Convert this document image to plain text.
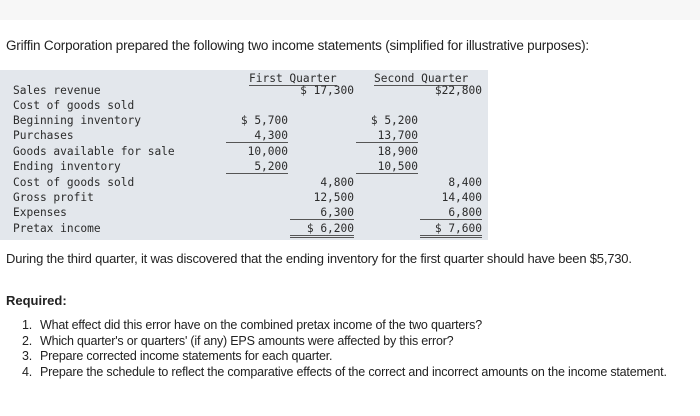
Griffin Corporation prepared the following two income statements (simplified for illustrative purposes):
First Quarter	Second Quarter
Sales revenue
Cost of goods sold
Beginning inventory
Purchases
Goods available for sale
Ending inventory
Cost of goods sold
Gross profit
Expenses
Pretax income
$ 17,300
$ 5,700
4,300
10,000
5,200
4,800
12,500
6,300
$ 6,200
$22,800
$ 5,200
13,700
18,900
10,500
8,400
14,400
6,800
$ 7,600
During the third quarter, it was discovered that the ending inventory for the first quarter should have been $5,730.
Required:
1. What effect did this error have on the combined pretax income of the two quarters?
2. Which quarter's or quarters' (if any) EPS amounts were affected by this error?
3. Prepare corrected income statements for each quarter.
4. Prepare the schedule to reflect the comparative effects of the correct and incorrect amounts on the income statement.
